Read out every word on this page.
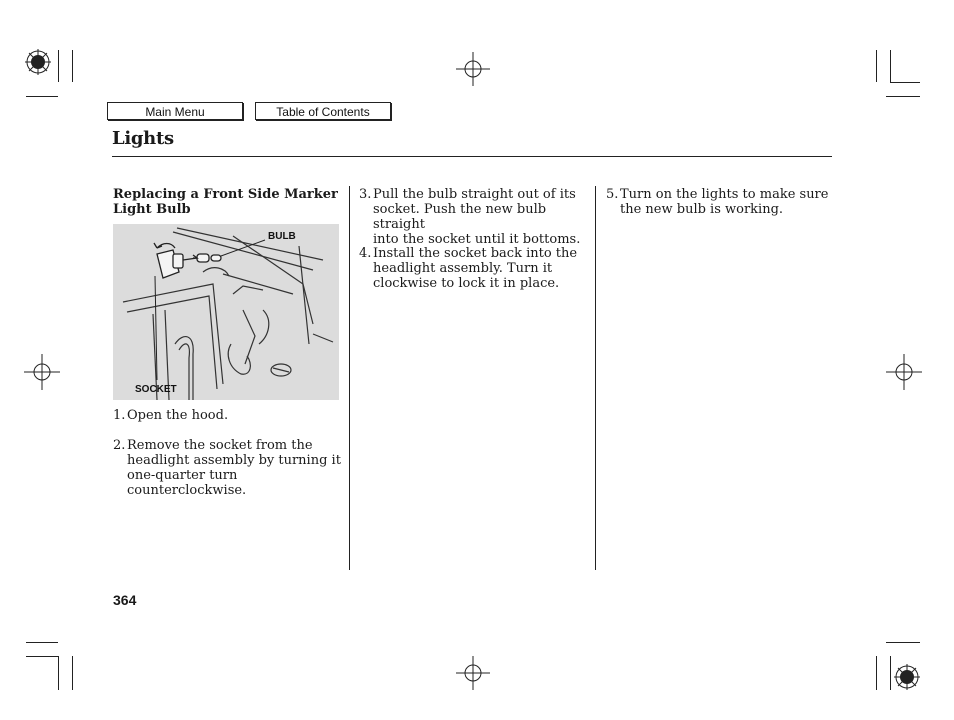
Main Menu	Table of Contents
Lights
Replacing a Front Side Marker
Light Bulb
BULB
SOCKET
1. Open the hood.
2. Remove the socket from the
headlight assembly by turning it
one-quarter turn counterclockwise.
3. Pull the bulb straight out of its
socket. Push the new bulb straight
into the socket until it bottoms.
4. Install the socket back into the
headlight assembly. Turn it
clockwise to lock it in place.
5. Turn on the lights to make sure
the new bulb is working.
364
